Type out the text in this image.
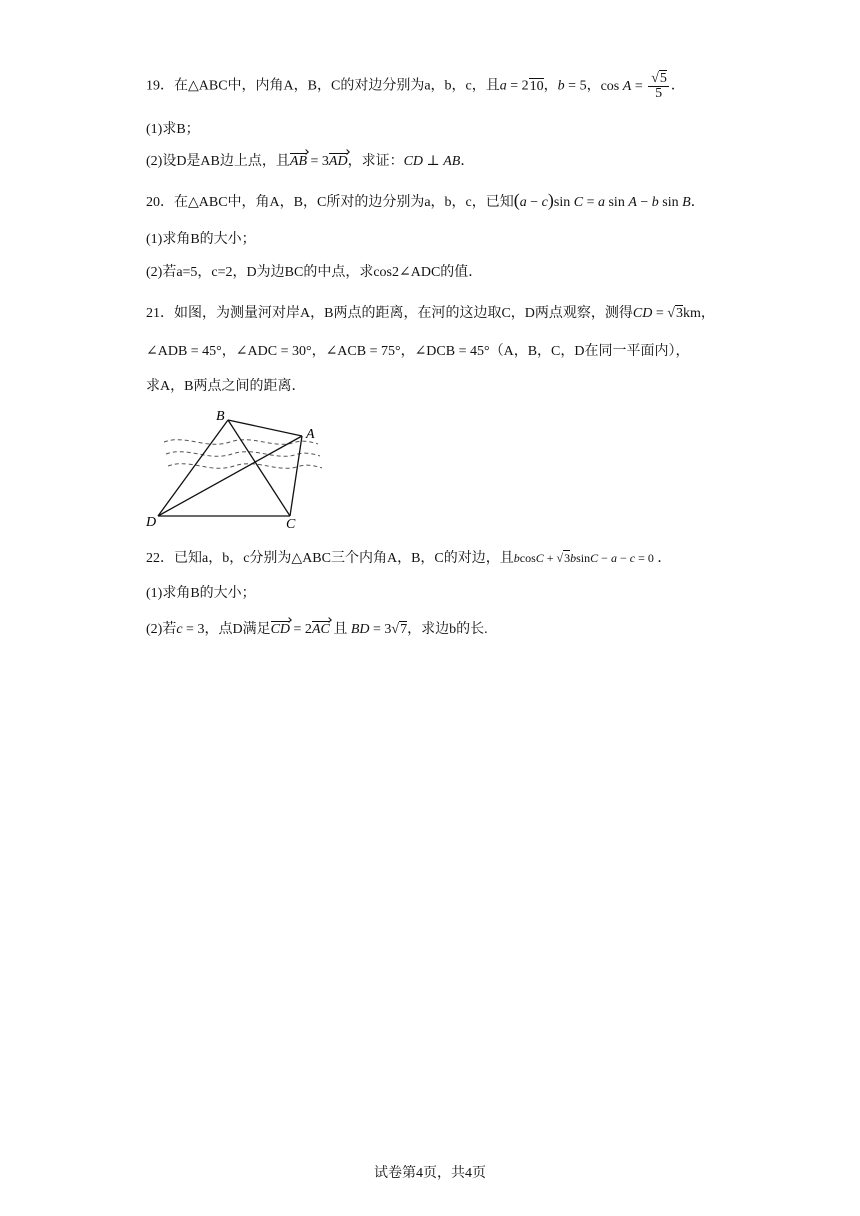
19．在△ABC中，内角A，B，C的对边分别为a，b，c，且a = 210，b = 5，$\cos A = \frac{√5}{5}$ ．
(1)求B；
(2)设D是AB边上点，且AB = 3AD，求证：CD ⊥ AB．
20．在△ABC中，角A，B，C所对的边分别为a，b，c，已知(a − c)sin C = a sin A − b sin B．
(1)求角B的大小；
(2)若a=5，c=2，D为边BC的中点，求cos2∠ADC的值．
21．如图，为测量河对岸A，B两点的距离，在河的这边取C，D两点观察，测得CD = √3km，
∠ADB = 45°，∠ADC = 30°，∠ACB = 75°，∠DCB = 45°（A，B，C，D在同一平面内），
求A，B两点之间的距离．
B
A
D	C
22．已知a，b，c分别为△ABC三个内角A，B，C的对边，且bcosC + √3bsinC − a − c = 0 ．
(1)求角B的大小；
(2)若c = 3，点D满足CD = 2AC 且 BD = 3√7，求边b的长.
试卷第4页，共4页
